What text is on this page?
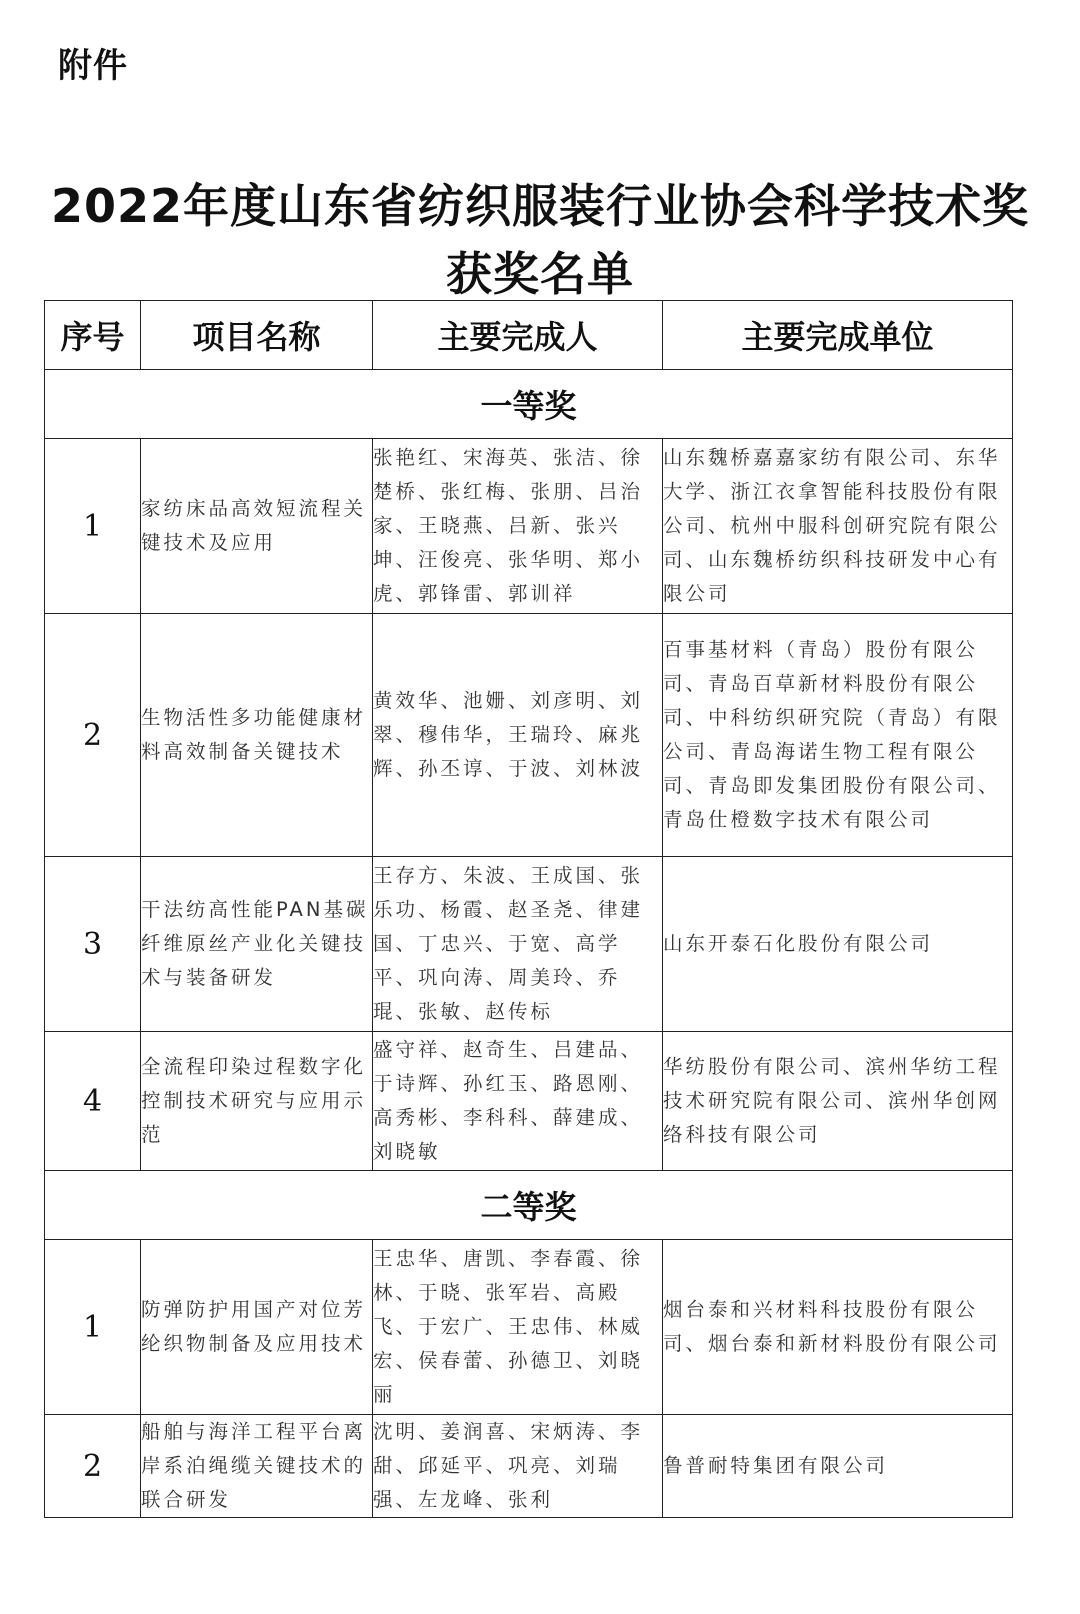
附件
2022年度山东省纺织服装行业协会科学技术奖
获奖名单
序号	项目名称	主要完成人	主要完成单位
一等奖			
1	家纺床品高效短流程关键技术及应用	张艳红、宋海英、张洁、徐楚桥、张红梅、张朋、吕治家、王晓燕、吕新、张兴坤、汪俊亮、张华明、郑小虎、郭锋雷、郭训祥	山东魏桥嘉嘉家纺有限公司、东华大学、浙江衣拿智能科技股份有限公司、杭州中服科创研究院有限公司、山东魏桥纺织科技研发中心有限公司
2	生物活性多功能健康材料高效制备关键技术	黄效华、池姗、刘彦明、刘翠、穆伟华，王瑞玲、麻兆辉、孙丕谆、于波、刘林波	百事基材料（青岛）股份有限公司、青岛百草新材料股份有限公司、中科纺织研究院（青岛）有限公司、青岛海诺生物工程有限公司、青岛即发集团股份有限公司、青岛仕橙数字技术有限公司
3	干法纺高性能PAN基碳纤维原丝产业化关键技术与装备研发	王存方、朱波、王成国、张乐功、杨霞、赵圣尧、律建国、丁忠兴、于宽、高学平、巩向涛、周美玲、乔琨、张敏、赵传标	山东开泰石化股份有限公司
4	全流程印染过程数字化控制技术研究与应用示范	盛守祥、赵奇生、吕建品、于诗辉、孙红玉、路恩刚、高秀彬、李科科、薛建成、刘晓敏	华纺股份有限公司、滨州华纺工程技术研究院有限公司、滨州华创网络科技有限公司
二等奖			
1	防弹防护用国产对位芳纶织物制备及应用技术	王忠华、唐凯、李春霞、徐林、于晓、张军岩、高殿飞、于宏广、王忠伟、林威宏、侯春蕾、孙德卫、刘晓丽	烟台泰和兴材料科技股份有限公司、烟台泰和新材料股份有限公司
2	船舶与海洋工程平台离岸系泊绳缆关键技术的联合研发	沈明、姜润喜、宋炳涛、李甜、邱延平、巩亮、刘瑞强、左龙峰、张利	鲁普耐特集团有限公司
